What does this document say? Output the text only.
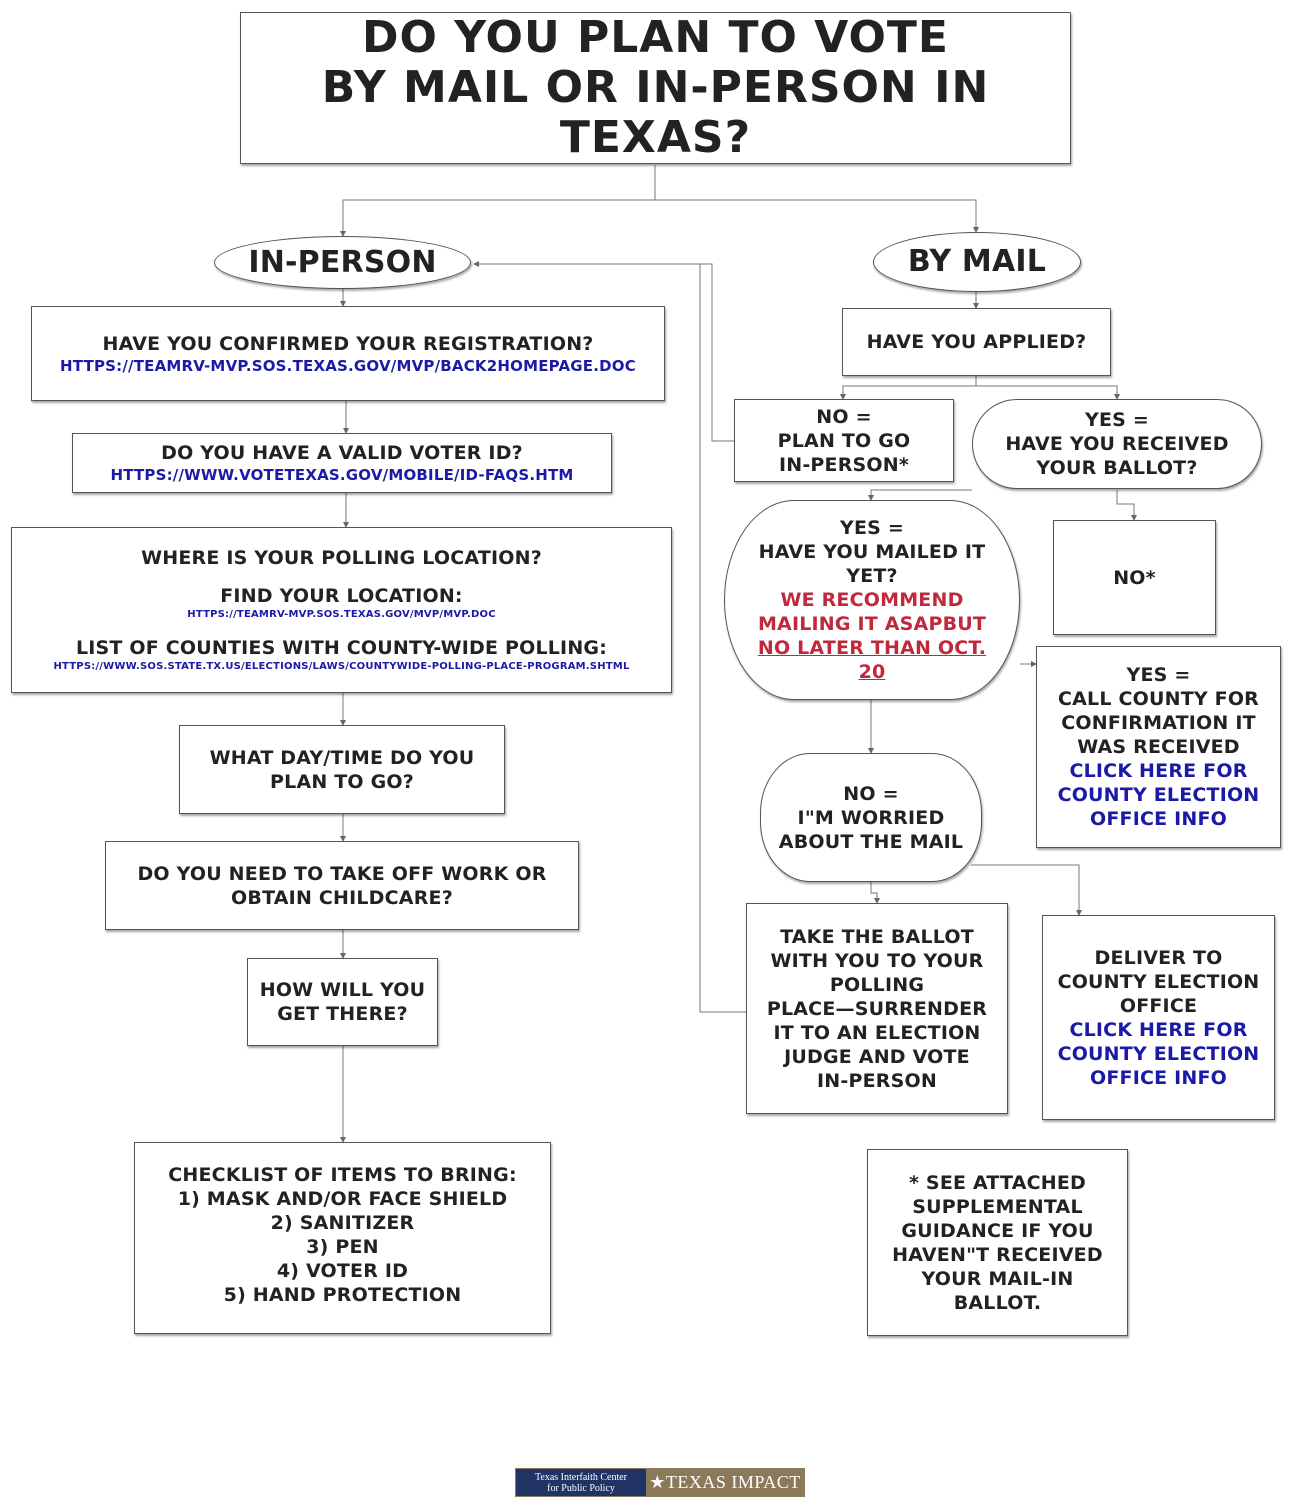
DO YOU PLAN TO VOTE
BY MAIL OR IN-PERSON IN TEXAS?
IN-PERSON
HAVE YOU CONFIRMED YOUR REGISTRATION?
HTTPS://TEAMRV-MVP.SOS.TEXAS.GOV/MVP/BACK2HOMEPAGE.DOC
DO YOU HAVE A VALID VOTER ID?
HTTPS://WWW.VOTETEXAS.GOV/MOBILE/ID-FAQS.HTM
WHERE IS YOUR POLLING LOCATION?
FIND YOUR LOCATION:
HTTPS://TEAMRV-MVP.SOS.TEXAS.GOV/MVP/MVP.DOC
LIST OF COUNTIES WITH COUNTY-WIDE POLLING:
HTTPS://WWW.SOS.STATE.TX.US/ELECTIONS/LAWS/COUNTYWIDE-POLLING-PLACE-PROGRAM.SHTML
WHAT DAY/TIME DO YOU
PLAN TO GO?
DO YOU NEED TO TAKE OFF WORK OR
OBTAIN CHILDCARE?
HOW WILL YOU
GET THERE?
CHECKLIST OF ITEMS TO BRING:
1) MASK AND/OR FACE SHIELD
2) SANITIZER
3) PEN
4) VOTER ID
5) HAND PROTECTION
BY MAIL
HAVE YOU APPLIED?
NO =
PLAN TO GO
IN-PERSON*
YES =
HAVE YOU RECEIVED
YOUR BALLOT?
YES =
HAVE YOU MAILED IT
YET?
WE RECOMMEND
MAILING IT ASAPBUT
NO LATER THAN OCT.
20
NO*
YES =
CALL COUNTY FOR
CONFIRMATION IT
WAS RECEIVED
CLICK HERE FOR
COUNTY ELECTION
OFFICE INFO
NO =
I"M WORRIED
ABOUT THE MAIL
TAKE THE BALLOT
WITH YOU TO YOUR
POLLING
PLACE—SURRENDER
IT TO AN ELECTION
JUDGE AND VOTE
IN-PERSON
DELIVER TO
COUNTY ELECTION
OFFICE
CLICK HERE FOR
COUNTY ELECTION
OFFICE INFO
* SEE ATTACHED
SUPPLEMENTAL
GUIDANCE IF YOU
HAVEN"T RECEIVED
YOUR MAIL-IN
BALLOT.
Texas Interfaith Center
for Public Policy ★TEXAS IMPACT
